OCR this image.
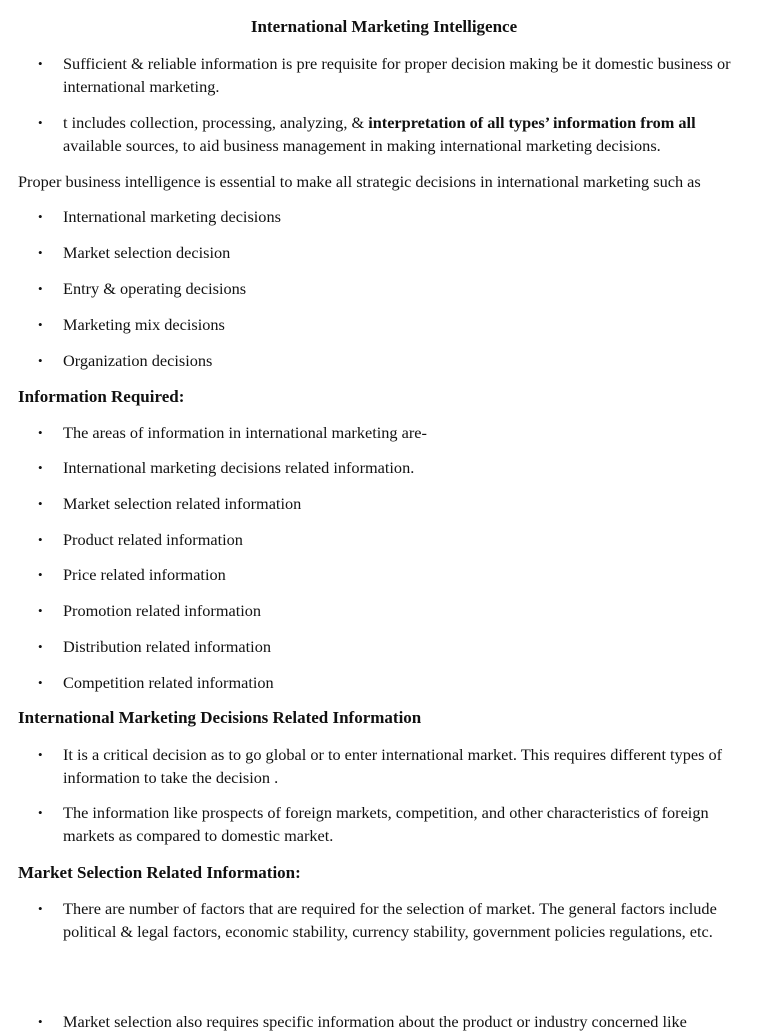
International Marketing Intelligence
• Sufficient & reliable information is pre requisite for proper decision making be it domestic business or international marketing.

• t includes collection, processing, analyzing, & interpretation of all types’ information from all available sources, to aid business management in making international marketing decisions.

Proper business intelligence is essential to make all strategic decisions in international marketing such as

• International marketing decisions

• Market selection decision

• Entry & operating decisions

• Marketing mix decisions

• Organization decisions

Information Required:
• The areas of information in international marketing are-

• International marketing decisions related information.

• Market selection related information

• Product related information

• Price related information

• Promotion related information

• Distribution related information

• Competition related information

International Marketing Decisions Related Information
• It is a critical decision as to go global or to enter international market. This requires different types of information to take the decision .

• The information like prospects of foreign markets, competition, and other characteristics of foreign markets as compared to domestic market.

Market Selection Related Information:
• There are number of factors that are required for the selection of market. The general factors include political & legal factors, economic stability, currency stability, government policies regulations, etc.

• Market selection also requires specific information about the product or industry concerned like
